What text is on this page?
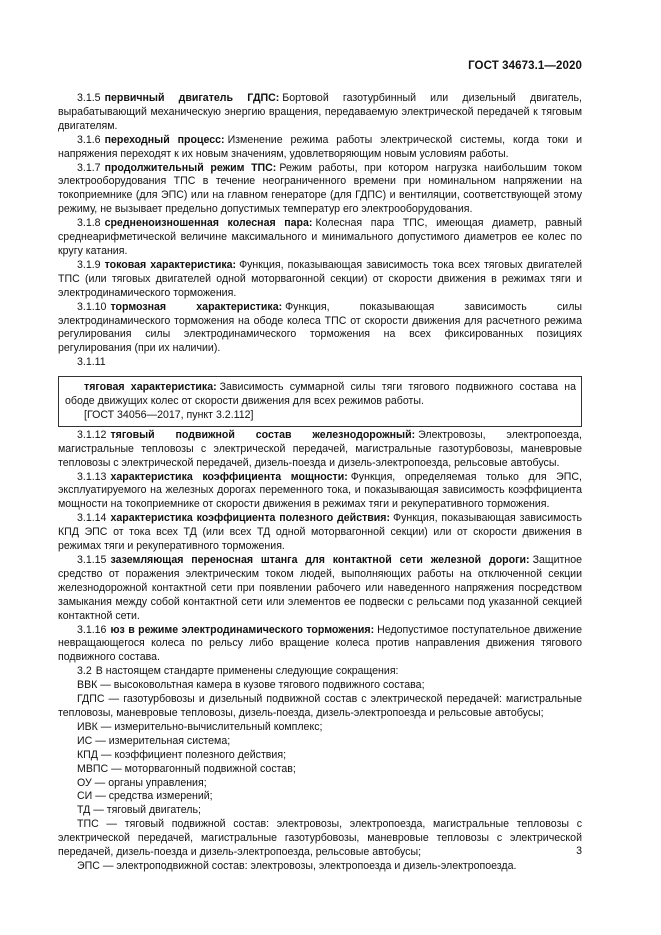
ГОСТ 34673.1—2020

3.1.5 первичный двигатель ГДПС: Бортовой газотурбинный или дизельный двигатель, вырабатывающий механическую энергию вращения, передаваемую электрической передачей к тяговым двигателям.

3.1.6 переходный процесс: Изменение режима работы электрической системы, когда токи и напряжения переходят к их новым значениям, удовлетворяющим новым условиям работы.

3.1.7 продолжительный режим ТПС: Режим работы, при котором нагрузка наибольшим током электрооборудования ТПС в течение неограниченного времени при номинальном напряжении на токоприемнике (для ЭПС) или на главном генераторе (для ГДПС) и вентиляции, соответствующей этому режиму, не вызывает предельно допустимых температур его электрооборудования.

3.1.8 средненоизношенная колесная пара: Колесная пара ТПС, имеющая диаметр, равный среднеарифметической величине максимального и минимального допустимого диаметров ее колес по кругу катания.

3.1.9 токовая характеристика: Функция, показывающая зависимость тока всех тяговых двигателей ТПС (или тяговых двигателей одной моторвагонной секции) от скорости движения в режимах тяги и электродинамического торможения.

3.1.10 тормозная характеристика: Функция, показывающая зависимость силы электродинамического торможения на ободе колеса ТПС от скорости движения для расчетного режима регулирования силы электродинамического торможения на всех фиксированных позициях регулирования (при их наличии).

3.1.11

тяговая характеристика: Зависимость суммарной силы тяги тягового подвижного состава на ободе движущих колес от скорости движения для всех режимов работы.

[ГОСТ 34056—2017, пункт 3.2.112]

3.1.12 тяговый подвижной состав железнодорожный: Электровозы, электропоезда, магистральные тепловозы с электрической передачей, магистральные газотурбовозы, маневровые тепловозы с электрической передачей, дизель-поезда и дизель-электропоезда, рельсовые автобусы.

3.1.13 характеристика коэффициента мощности: Функция, определяемая только для ЭПС, эксплуатируемого на железных дорогах переменного тока, и показывающая зависимость коэффициента мощности на токоприемнике от скорости движения в режимах тяги и рекуперативного торможения.

3.1.14 характеристика коэффициента полезного действия: Функция, показывающая зависимость КПД ЭПС от тока всех ТД (или всех ТД одной моторвагонной секции) или от скорости движения в режимах тяги и рекуперативного торможения.

3.1.15 заземляющая переносная штанга для контактной сети железной дороги: Защитное средство от поражения электрическим током людей, выполняющих работы на отключенной секции железнодорожной контактной сети при появлении рабочего или наведенного напряжения посредством замыкания между собой контактной сети или элементов ее подвески с рельсами под указанной секцией контактной сети.

3.1.16 юз в режиме электродинамического торможения: Недопустимое поступательное движение невращающегося колеса по рельсу либо вращение колеса против направления движения тягового подвижного состава.

3.2 В настоящем стандарте применены следующие сокращения:

ВВК — высоковольтная камера в кузове тягового подвижного состава;

ГДПС — газотурбовозы и дизельный подвижной состав с электрической передачей: магистральные тепловозы, маневровые тепловозы, дизель-поезда, дизель-электропоезда и рельсовые автобусы;

ИВК — измерительно-вычислительный комплекс;

ИС — измерительная система;

КПД — коэффициент полезного действия;

МВПС — моторвагонный подвижной состав;

ОУ — органы управления;

СИ — средства измерений;

ТД — тяговый двигатель;

ТПС — тяговый подвижной состав: электровозы, электропоезда, магистральные тепловозы с электрической передачей, магистральные газотурбовозы, маневровые тепловозы с электрической передачей, дизель-поезда и дизель-электропоезда, рельсовые автобусы;

ЭПС — электроподвижной состав: электровозы, электропоезда и дизель-электропоезда.

3
